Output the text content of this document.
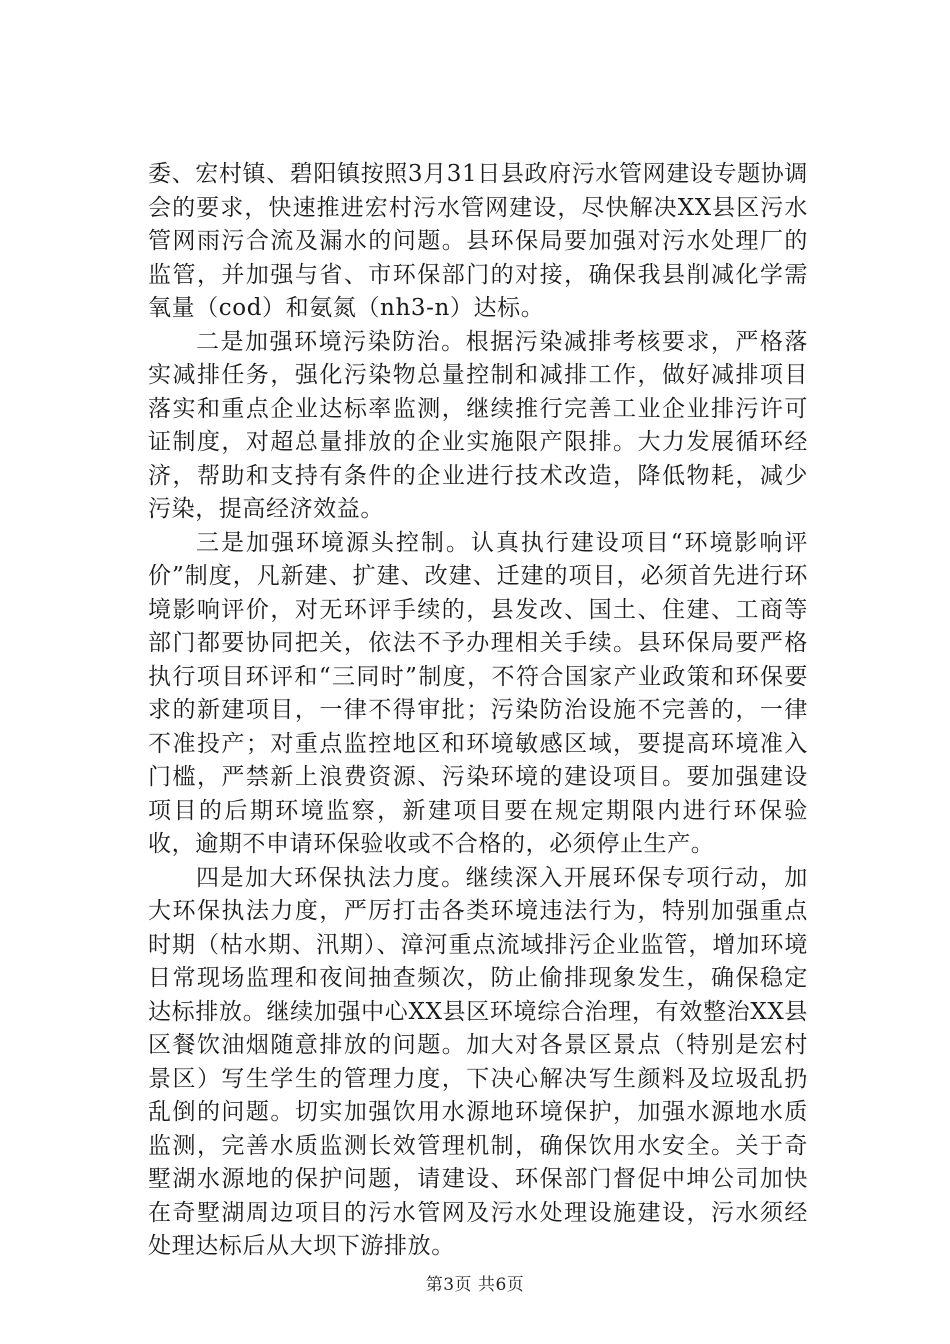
委、宏村镇、碧阳镇按照3月31日县政府污水管网建设专题协调会的要求，快速推进宏村污水管网建设，尽快解决XX县区污水管网雨污合流及漏水的问题。县环保局要加强对污水处理厂的监管，并加强与省、市环保部门的对接，确保我县削减化学需氧量（cod）和氨氮（nh3-n）达标。

二是加强环境污染防治。根据污染减排考核要求，严格落实减排任务，强化污染物总量控制和减排工作，做好减排项目落实和重点企业达标率监测，继续推行完善工业企业排污许可证制度，对超总量排放的企业实施限产限排。大力发展循环经济，帮助和支持有条件的企业进行技术改造，降低物耗，减少污染，提高经济效益。

三是加强环境源头控制。认真执行建设项目“环境影响评价”制度，凡新建、扩建、改建、迁建的项目，必须首先进行环境影响评价，对无环评手续的，县发改、国土、住建、工商等部门都要协同把关，依法不予办理相关手续。县环保局要严格执行项目环评和“三同时”制度，不符合国家产业政策和环保要求的新建项目，一律不得审批；污染防治设施不完善的，一律不准投产；对重点监控地区和环境敏感区域，要提高环境准入门槛，严禁新上浪费资源、污染环境的建设项目。要加强建设项目的后期环境监察，新建项目要在规定期限内进行环保验收，逾期不申请环保验收或不合格的，必须停止生产。

四是加大环保执法力度。继续深入开展环保专项行动，加大环保执法力度，严厉打击各类环境违法行为，特别加强重点时期（枯水期、汛期）、漳河重点流域排污企业监管，增加环境日常现场监理和夜间抽查频次，防止偷排现象发生，确保稳定达标排放。继续加强中心XX县区环境综合治理，有效整治XX县区餐饮油烟随意排放的问题。加大对各景区景点（特别是宏村景区）写生学生的管理力度，下决心解决写生颜料及垃圾乱扔乱倒的问题。切实加强饮用水源地环境保护，加强水源地水质监测，完善水质监测长效管理机制，确保饮用水安全。关于奇墅湖水源地的保护问题，请建设、环保部门督促中坤公司加快在奇墅湖周边项目的污水管网及污水处理设施建设，污水须经处理达标后从大坝下游排放。

第3页 共6页
